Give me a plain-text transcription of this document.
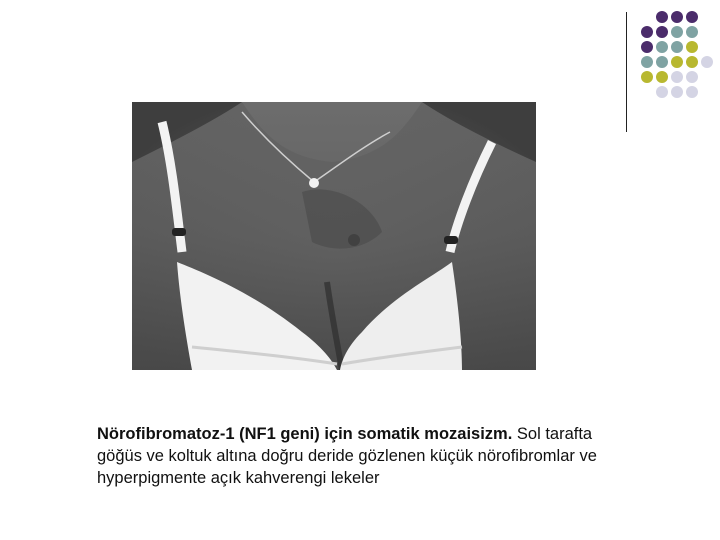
Nörofibromatoz-1 (NF1 geni) için somatik mozaisizm. Sol tarafta göğüs ve koltuk altına doğru deride gözlenen küçük nörofibromlar ve hyperpigmente açık kahverengi lekeler
